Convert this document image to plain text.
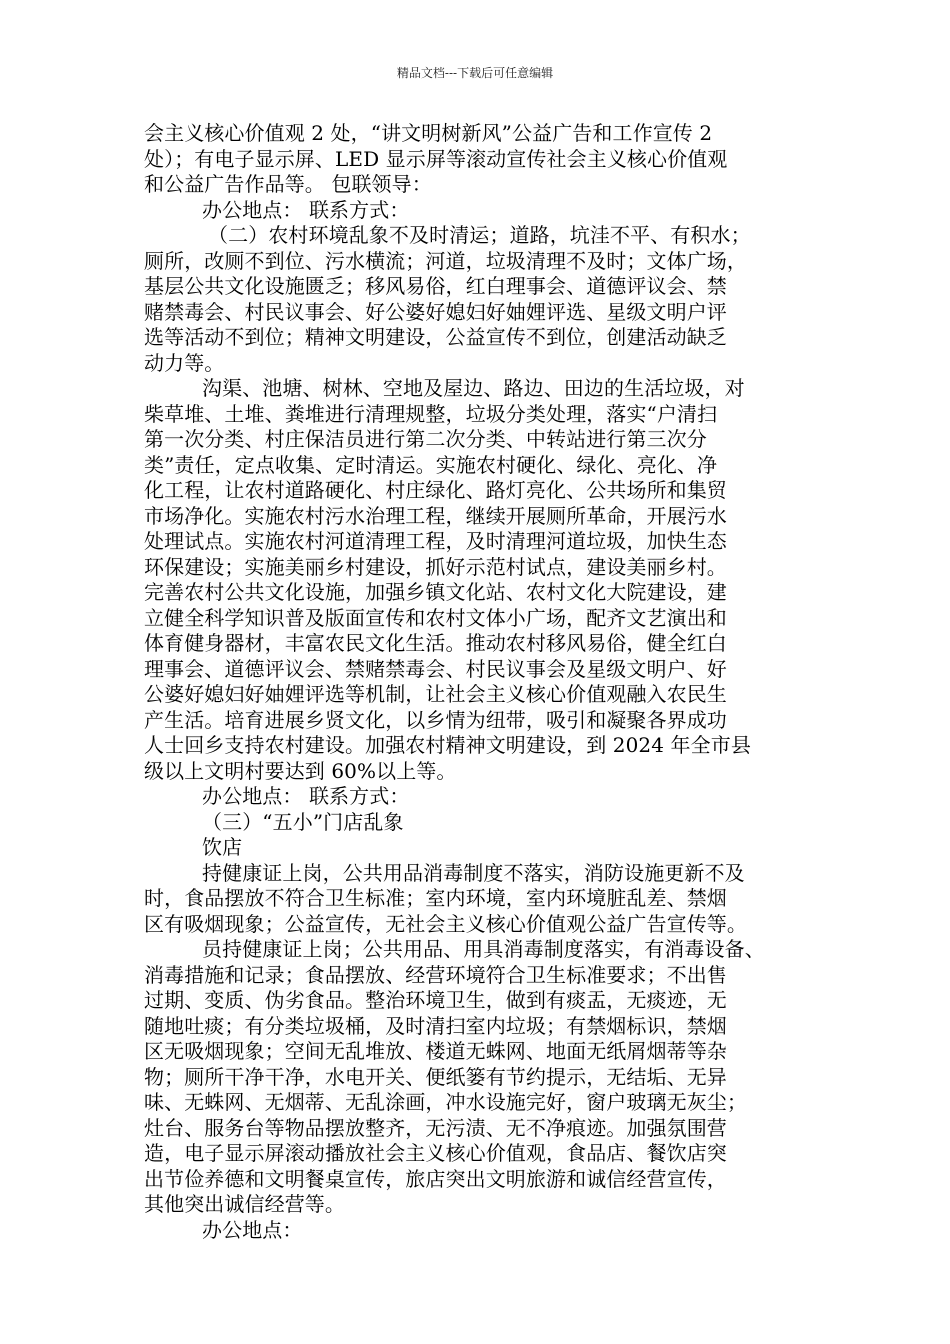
精品文档---下载后可任意编辑
会主义核心价值观 2 处，“讲文明树新风”公益广告和工作宣传 2
处）；有电子显示屏、LED 显示屏等滚动宣传社会主义核心价值观
和公益广告作品等。 包联领导：
办公地点： 联系方式：
（二）农村环境乱象不及时清运；道路，坑洼不平、有积水；
厕所，改厕不到位、污水横流；河道，垃圾清理不及时；文体广场，
基层公共文化设施匮乏；移风易俗，红白理事会、道德评议会、禁
赌禁毒会、村民议事会、好公婆好媳妇好妯娌评选、星级文明户评
选等活动不到位；精神文明建设，公益宣传不到位，创建活动缺乏
动力等。
沟渠、池塘、树林、空地及屋边、路边、田边的生活垃圾，对
柴草堆、土堆、粪堆进行清理规整，垃圾分类处理，落实“户清扫
第一次分类、村庄保洁员进行第二次分类、中转站进行第三次分
类”责任，定点收集、定时清运。实施农村硬化、绿化、亮化、净
化工程，让农村道路硬化、村庄绿化、路灯亮化、公共场所和集贸
市场净化。实施农村污水治理工程，继续开展厕所革命，开展污水
处理试点。实施农村河道清理工程，及时清理河道垃圾，加快生态
环保建设；实施美丽乡村建设，抓好示范村试点，建设美丽乡村。
完善农村公共文化设施，加强乡镇文化站、农村文化大院建设，建
立健全科学知识普及版面宣传和农村文体小广场，配齐文艺演出和
体育健身器材，丰富农民文化生活。推动农村移风易俗，健全红白
理事会、道德评议会、禁赌禁毒会、村民议事会及星级文明户、好
公婆好媳妇好妯娌评选等机制，让社会主义核心价值观融入农民生
产生活。培育进展乡贤文化，以乡情为纽带，吸引和凝聚各界成功
人士回乡支持农村建设。加强农村精神文明建设，到 2024 年全市县
级以上文明村要达到 60%以上等。
办公地点： 联系方式：
（三）“五小”门店乱象
饮店
持健康证上岗，公共用品消毒制度不落实，消防设施更新不及
时，食品摆放不符合卫生标准；室内环境，室内环境脏乱差、禁烟
区有吸烟现象；公益宣传，无社会主义核心价值观公益广告宣传等。
员持健康证上岗；公共用品、用具消毒制度落实，有消毒设备、
消毒措施和记录；食品摆放、经营环境符合卫生标准要求；不出售
过期、变质、伪劣食品。整治环境卫生，做到有痰盂，无痰迹，无
随地吐痰；有分类垃圾桶，及时清扫室内垃圾；有禁烟标识，禁烟
区无吸烟现象；空间无乱堆放、楼道无蛛网、地面无纸屑烟蒂等杂
物；厕所干净干净，水电开关、便纸篓有节约提示，无结垢、无异
味、无蛛网、无烟蒂、无乱涂画，冲水设施完好，窗户玻璃无灰尘；
灶台、服务台等物品摆放整齐，无污渍、无不净痕迹。加强氛围营
造，电子显示屏滚动播放社会主义核心价值观，食品店、餐饮店突
出节俭养德和文明餐桌宣传，旅店突出文明旅游和诚信经营宣传，
其他突出诚信经营等。
办公地点：
